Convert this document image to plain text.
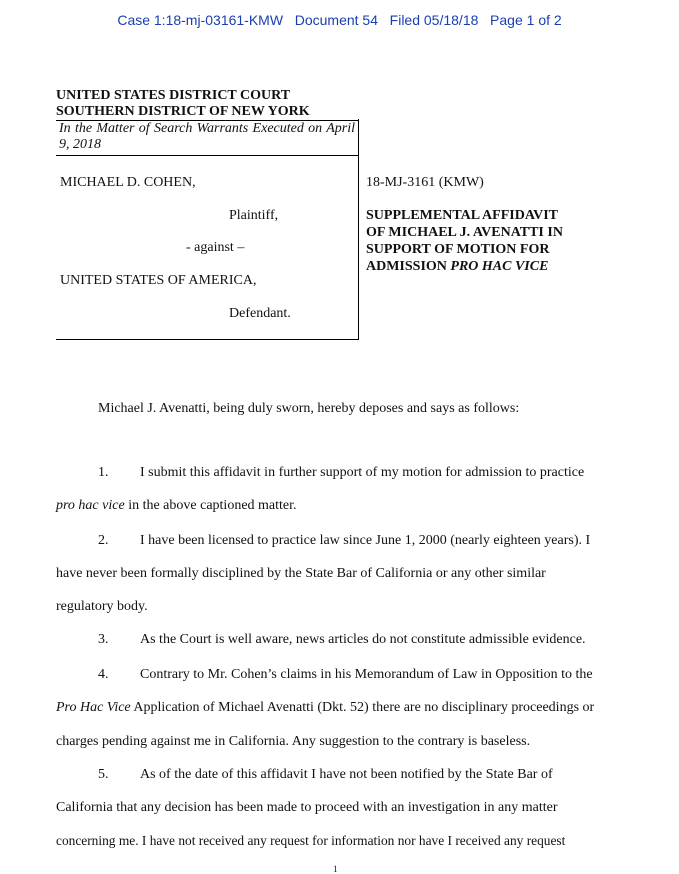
Case 1:18-mj-03161-KMW   Document 54   Filed 05/18/18   Page 1 of 2
UNITED STATES DISTRICT COURT
SOUTHERN DISTRICT OF NEW YORK
In the Matter of Search Warrants Executed on April 9, 2018
MICHAEL D. COHEN,
Plaintiff,
- against –
UNITED STATES OF AMERICA,
Defendant.
18-MJ-3161 (KMW)
SUPPLEMENTAL AFFIDAVIT
OF MICHAEL J. AVENATTI IN
SUPPORT OF MOTION FOR
ADMISSION PRO HAC VICE
Michael J. Avenatti, being duly sworn, hereby deposes and says as follows:
1. I submit this affidavit in further support of my motion for admission to practice
pro hac vice in the above captioned matter.
2. I have been licensed to practice law since June 1, 2000 (nearly eighteen years). I
have never been formally disciplined by the State Bar of California or any other similar
regulatory body.
3. As the Court is well aware, news articles do not constitute admissible evidence.
4. Contrary to Mr. Cohen’s claims in his Memorandum of Law in Opposition to the
Pro Hac Vice Application of Michael Avenatti (Dkt. 52) there are no disciplinary proceedings or
charges pending against me in California. Any suggestion to the contrary is baseless.
5. As of the date of this affidavit I have not been notified by the State Bar of
California that any decision has been made to proceed with an investigation in any matter
concerning me. I have not received any request for information nor have I received any request
1
